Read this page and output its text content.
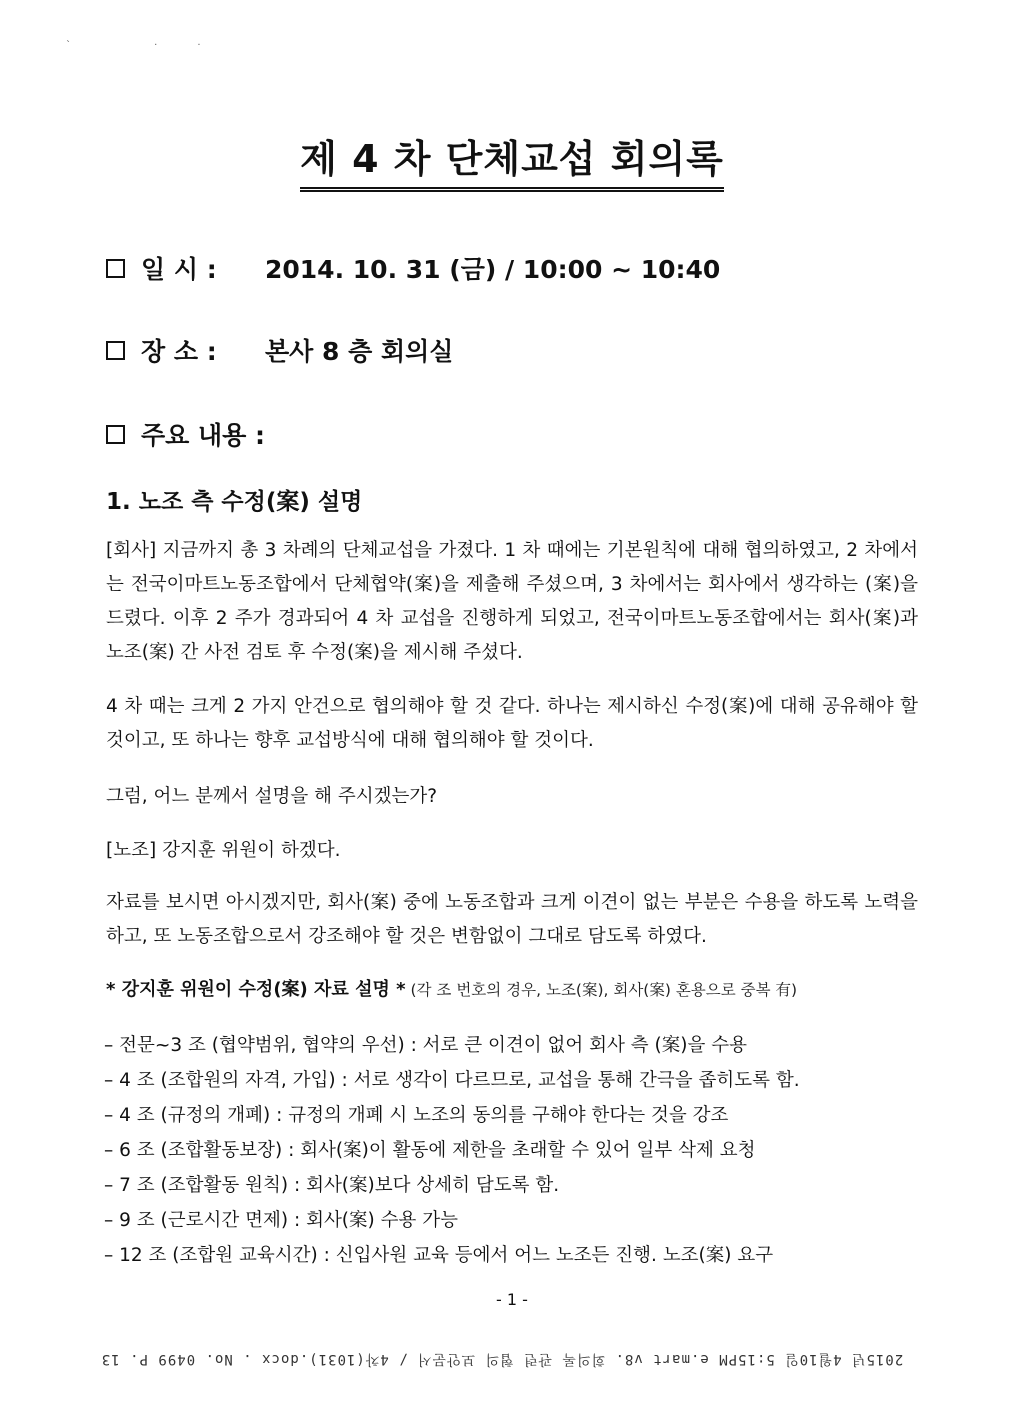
` ··
제 4 차 단체교섭 회의록
일 시 :	2014. 10. 31 (금) / 10:00 ~ 10:40
장 소 :	본사 8 층 회의실
주요 내용 :
1. 노조 측 수정(案) 설명
[회사] 지금까지 총 3 차례의 단체교섭을 가졌다. 1 차 때에는 기본원칙에 대해 협의하였고, 2 차에서는 전국이마트노동조합에서 단체협약(案)을 제출해 주셨으며, 3 차에서는 회사에서 생각하는 (案)을 드렸다. 이후 2 주가 경과되어 4 차 교섭을 진행하게 되었고, 전국이마트노동조합에서는 회사(案)과 노조(案) 간 사전 검토 후 수정(案)을 제시해 주셨다.
4 차 때는 크게 2 가지 안건으로 협의해야 할 것 같다. 하나는 제시하신 수정(案)에 대해 공유해야 할 것이고, 또 하나는 향후 교섭방식에 대해 협의해야 할 것이다.
그럼, 어느 분께서 설명을 해 주시겠는가?
[노조] 강지훈 위원이 하겠다.
자료를 보시면 아시겠지만, 회사(案) 중에 노동조합과 크게 이견이 없는 부분은 수용을 하도록 노력을 하고, 또 노동조합으로서 강조해야 할 것은 변함없이 그대로 담도록 하였다.
* 강지훈 위원이 수정(案) 자료 설명 * (각 조 번호의 경우, 노조(案), 회사(案) 혼용으로 중복 有)
– 전문~3 조 (협약범위, 협약의 우선) : 서로 큰 이견이 없어 회사 측 (案)을 수용
– 4 조 (조합원의 자격, 가입) : 서로 생각이 다르므로, 교섭을 통해 간극을 좁히도록 함.
– 4 조 (규정의 개폐) : 규정의 개폐 시 노조의 동의를 구해야 한다는 것을 강조
– 6 조 (조합활동보장) : 회사(案)이 활동에 제한을 초래할 수 있어 일부 삭제 요청
– 7 조 (조합활동 원칙) : 회사(案)보다 상세히 담도록 함.
– 9 조 (근로시간 면제) : 회사(案) 수용 가능
– 12 조 (조합원 교육시간) : 신입사원 교육 등에서 어느 노조든 진행. 노조(案) 요구
- 1 -
2015년 4월10일 5:15PM e.mart v8. 회의록 관련 협의 보안문서 / 4차(1031).docx . No. 0499 P. 13
